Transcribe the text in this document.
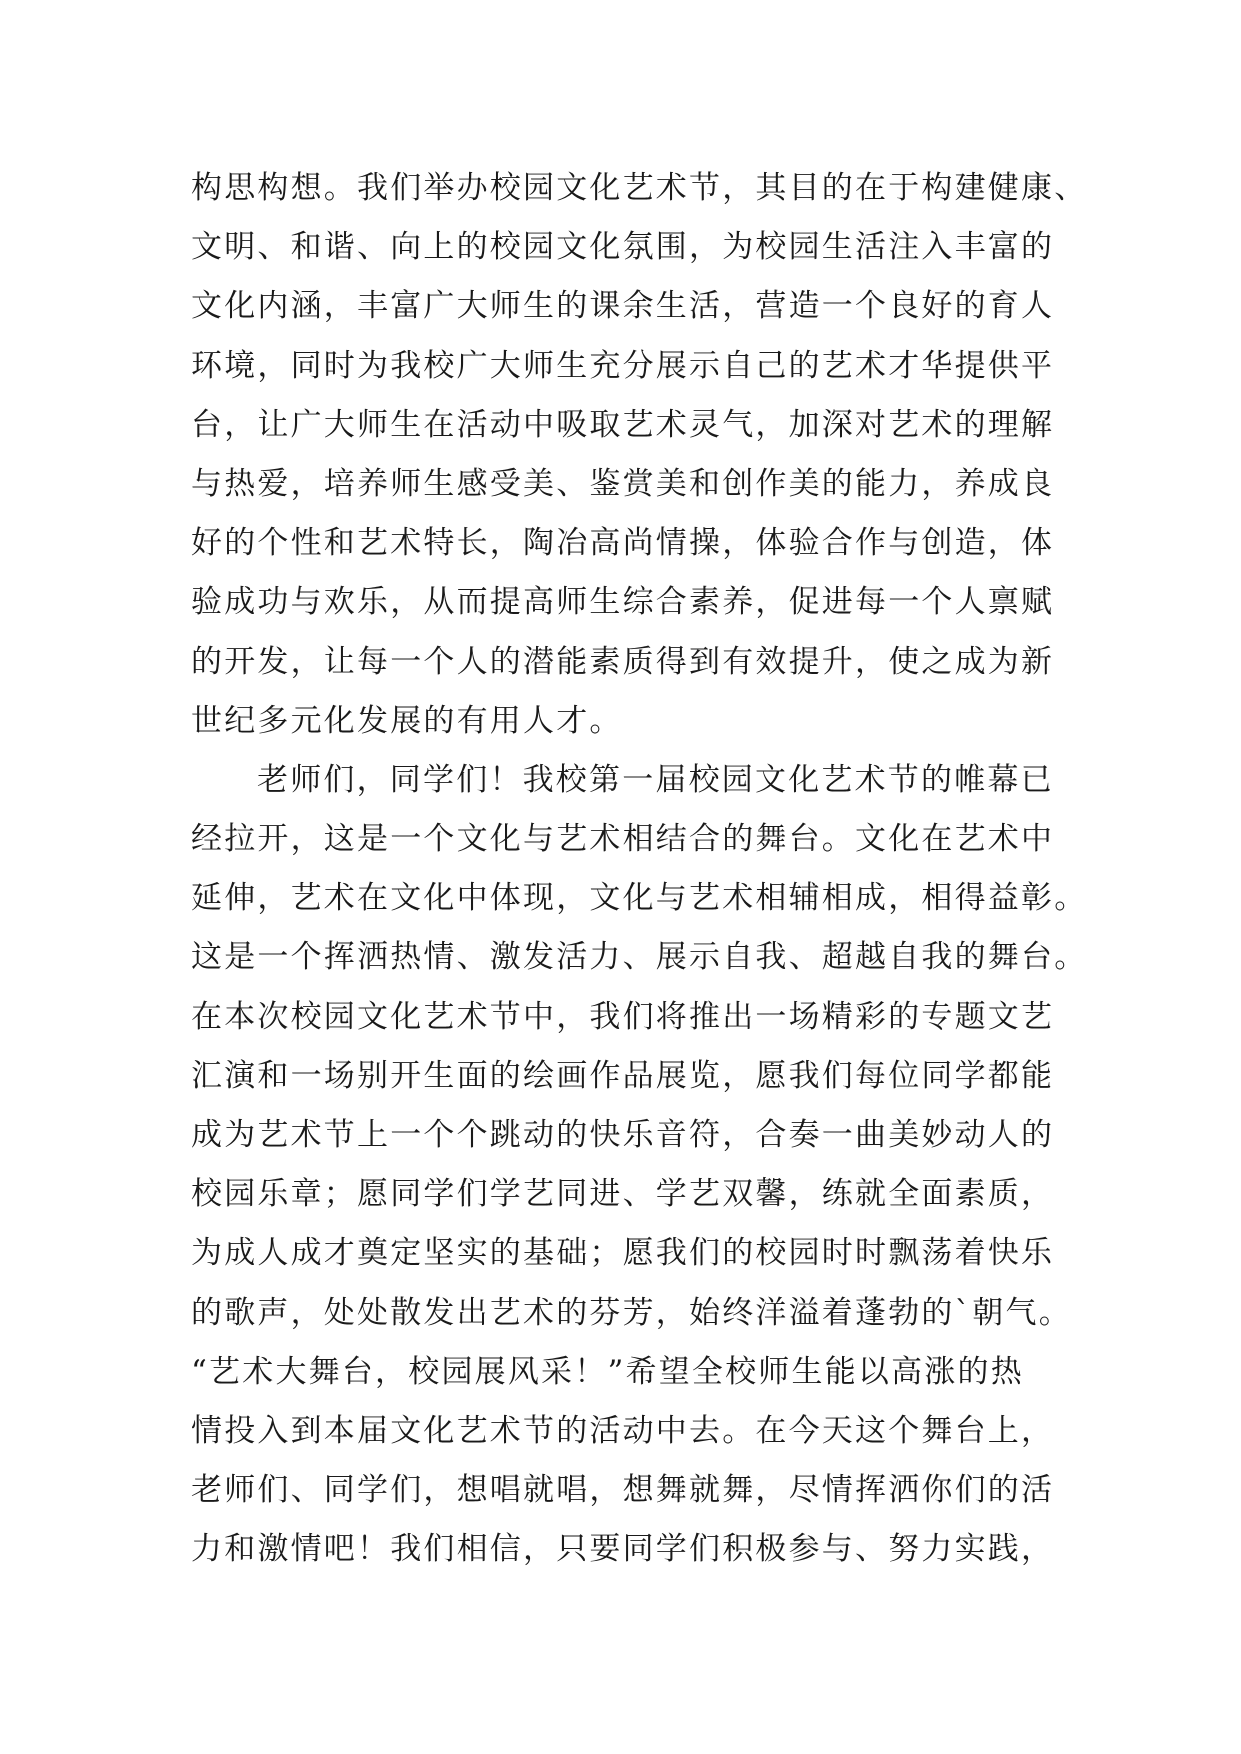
构思构想。我们举办校园文化艺术节，其目的在于构建健康、
文明、和谐、向上的校园文化氛围，为校园生活注入丰富的
文化内涵，丰富广大师生的课余生活，营造一个良好的育人
环境，同时为我校广大师生充分展示自己的艺术才华提供平
台，让广大师生在活动中吸取艺术灵气，加深对艺术的理解
与热爱，培养师生感受美、鉴赏美和创作美的能力，养成良
好的个性和艺术特长，陶冶高尚情操，体验合作与创造，体
验成功与欢乐，从而提高师生综合素养，促进每一个人禀赋
的开发，让每一个人的潜能素质得到有效提升，使之成为新
世纪多元化发展的有用人才。
老师们，同学们！我校第一届校园文化艺术节的帷幕已
经拉开，这是一个文化与艺术相结合的舞台。文化在艺术中
延伸，艺术在文化中体现，文化与艺术相辅相成，相得益彰。
这是一个挥洒热情、激发活力、展示自我、超越自我的舞台。
在本次校园文化艺术节中，我们将推出一场精彩的专题文艺
汇演和一场别开生面的绘画作品展览，愿我们每位同学都能
成为艺术节上一个个跳动的快乐音符，合奏一曲美妙动人的
校园乐章；愿同学们学艺同进、学艺双馨，练就全面素质，
为成人成才奠定坚实的基础；愿我们的校园时时飘荡着快乐
的歌声，处处散发出艺术的芬芳，始终洋溢着蓬勃的`朝气。
“艺术大舞台，校园展风采！”希望全校师生能以高涨的热
情投入到本届文化艺术节的活动中去。在今天这个舞台上，
老师们、同学们，想唱就唱，想舞就舞，尽情挥洒你们的活
力和激情吧！我们相信，只要同学们积极参与、努力实践，
